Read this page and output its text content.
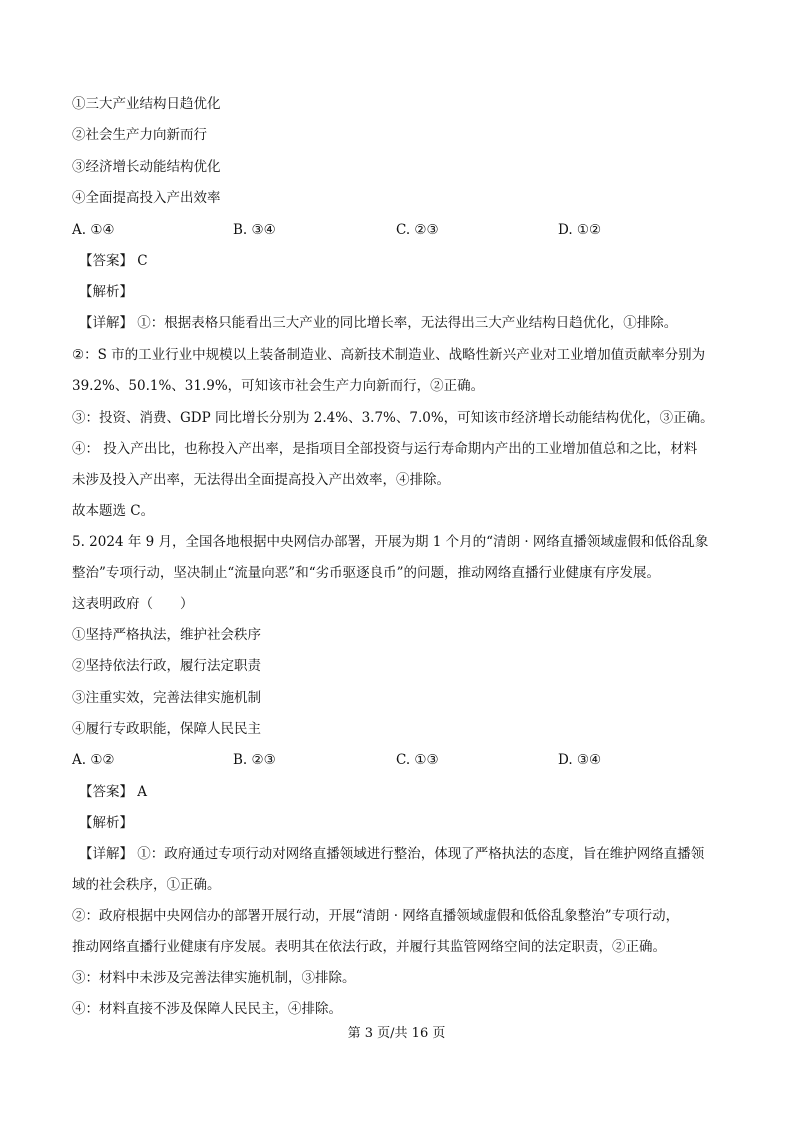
①三大产业结构日趋优化
②社会生产力向新而行
③经济增长动能结构优化
④全面提高投入产出效率
A. ①④	B. ③④	C. ②③	D. ①②
【答案】 C
【解析】
【详解】 ①：根据表格只能看出三大产业的同比增长率，无法得出三大产业结构日趋优化，①排除。
②：S 市的工业行业中规模以上装备制造业、高新技术制造业、战略性新兴产业对工业增加值贡献率分别为
39.2%、50.1%、31.9%，可知该市社会生产力向新而行，②正确。
③：投资、消费、GDP 同比增长分别为 2.4%、3.7%、7.0%，可知该市经济增长动能结构优化，③正确。
④： 投入产出比，也称投入产出率，是指项目全部投资与运行寿命期内产出的工业增加值总和之比，材料
未涉及投入产出率，无法得出全面提高投入产出效率，④排除。
故本题选 C。
5. 2024 年 9 月，全国各地根据中央网信办部署，开展为期 1 个月的“清朗 · 网络直播领域虚假和低俗乱象
整治”专项行动，坚决制止“流量向恶”和“劣币驱逐良币”的问题，推动网络直播行业健康有序发展。
这表明政府（　　）
①坚持严格执法，维护社会秩序
②坚持依法行政，履行法定职责
③注重实效，完善法律实施机制
④履行专政职能，保障人民民主
A. ①②	B. ②③	C. ①③	D. ③④
【答案】 A
【解析】
【详解】 ①：政府通过专项行动对网络直播领域进行整治，体现了严格执法的态度，旨在维护网络直播领
域的社会秩序，①正确。
②：政府根据中央网信办的部署开展行动，开展“清朗 · 网络直播领域虚假和低俗乱象整治”专项行动，
推动网络直播行业健康有序发展。表明其在依法行政，并履行其监管网络空间的法定职责，②正确。
③：材料中未涉及完善法律实施机制，③排除。
④：材料直接不涉及保障人民民主，④排除。
第 3 页/共 16 页
